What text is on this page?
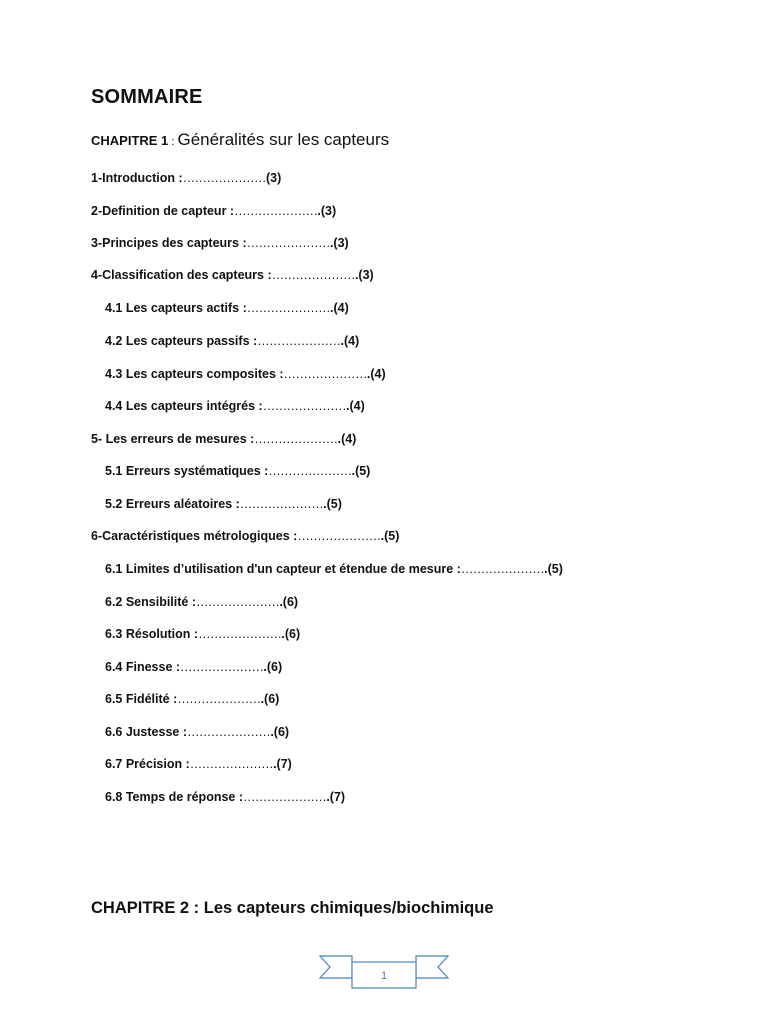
SOMMAIRE
CHAPITRE 1 : Généralités sur les capteurs
1-Introduction :…………………(3)
2-Definition de capteur :………………….(3)
3-Principes des capteurs :………………….(3)
4-Classification des capteurs :………………….(3)
4.1 Les capteurs actifs :………………….(4)
4.2 Les capteurs passifs :………………….(4)
4.3 Les capteurs composites :………………….(4)
4.4 Les capteurs intégrés :………………….(4)
5- Les erreurs de mesures :………………….(4)
5.1 Erreurs systématiques :………………….(5)
5.2 Erreurs aléatoires :………………….(5)
6-Caractéristiques métrologiques :………………….(5)
6.1 Limites d’utilisation d'un capteur et étendue de mesure :………………….(5)
6.2 Sensibilité :………………….(6)
6.3 Résolution :………………….(6)
6.4 Finesse :………………….(6)
6.5 Fidélité :………………….(6)
6.6 Justesse :………………….(6)
6.7 Précision :………………….(7)
6.8 Temps de réponse :………………….(7)
CHAPITRE 2 : Les capteurs chimiques/biochimique
1
